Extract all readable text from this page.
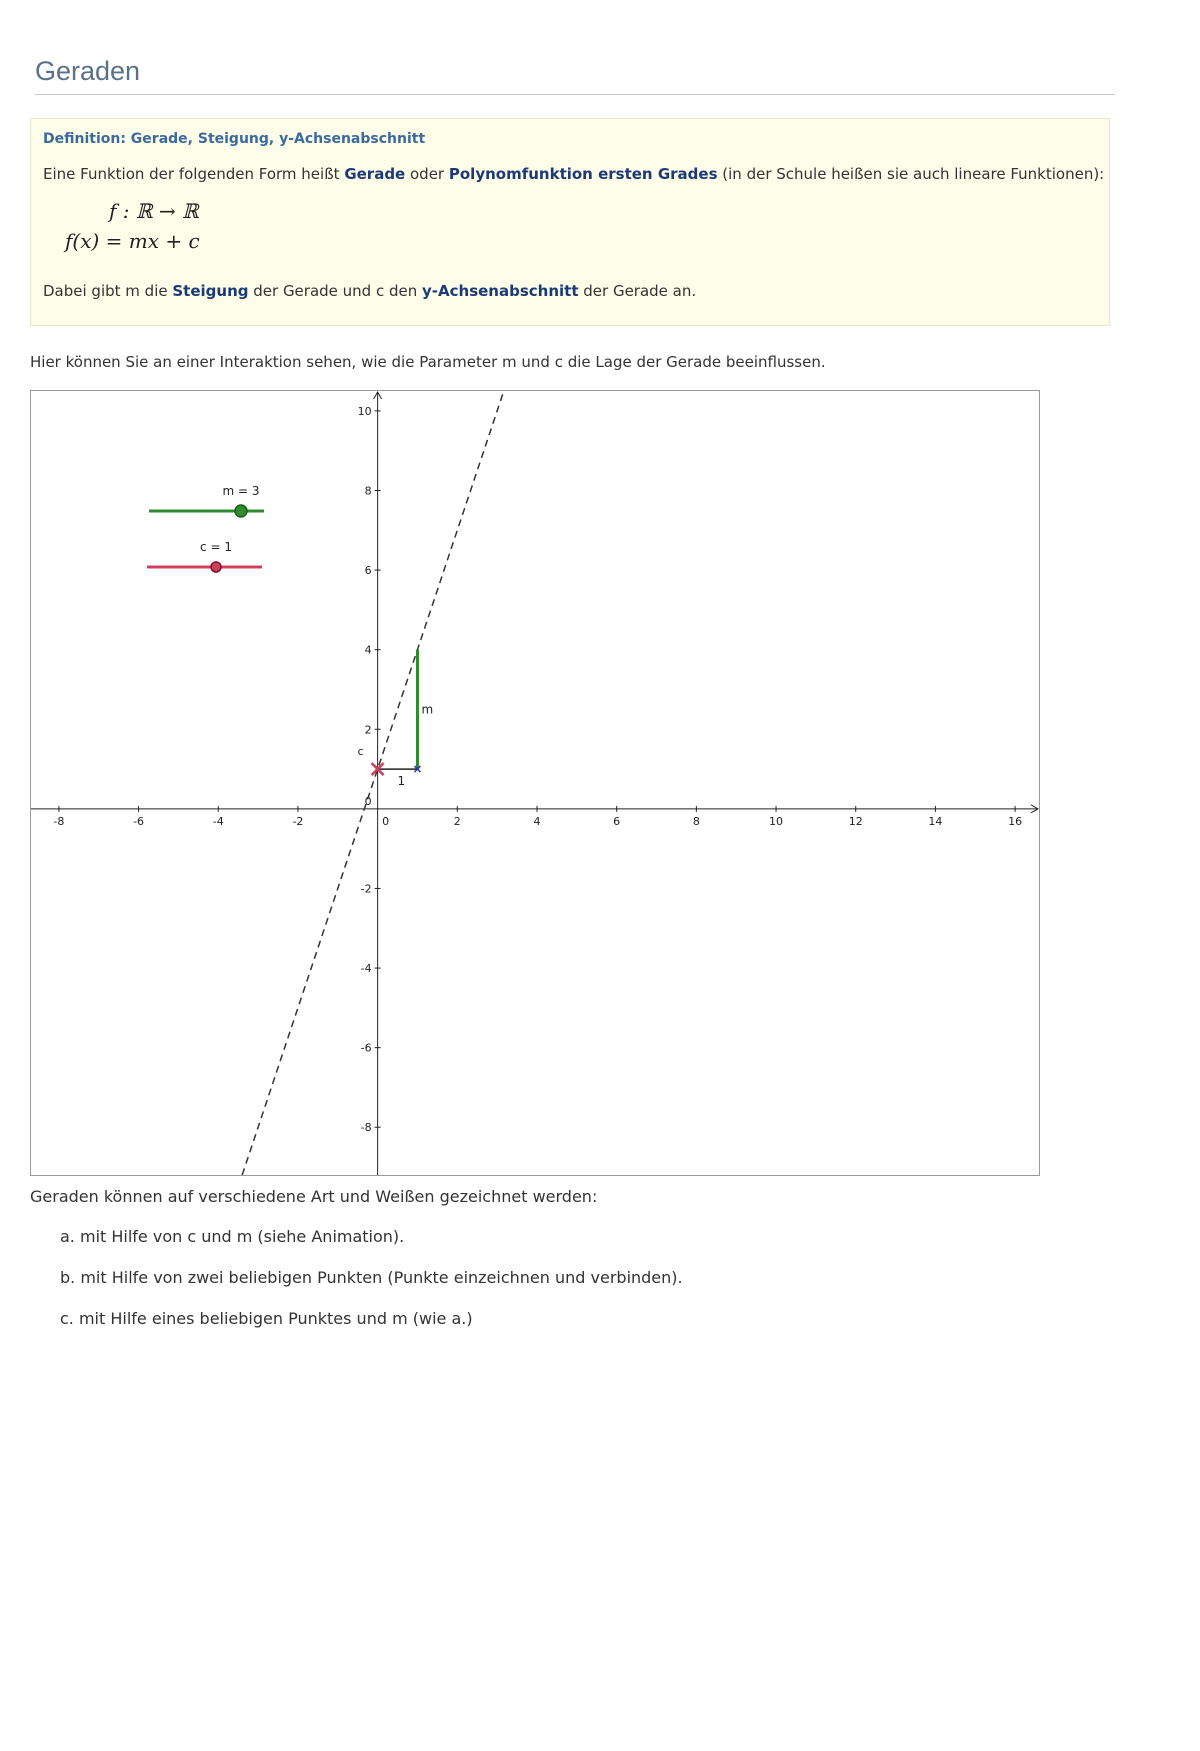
Geraden
Definition: Gerade, Steigung, y-Achsenabschnitt
Eine Funktion der folgenden Form heißt Gerade oder Polynomfunktion ersten Grades (in der Schule heißen sie auch lineare Funktionen):
f : ℝ → ℝ
f(x) = mx + c
Dabei gibt m die Steigung der Gerade und c den y-Achsenabschnitt der Gerade an.
Hier können Sie an einer Interaktion sehen, wie die Parameter m und c die Lage der Gerade beeinflussen.
-8	-6	-4	-2	0	2	4	6	8	10	12	14	16
-8
-6
-4
-2
2
4
6
8
10
m
1
c
0
m = 3
c = 1
Geraden können auf verschiedene Art und Weißen gezeichnet werden:
a. mit Hilfe von c und m (siehe Animation).
b. mit Hilfe von zwei beliebigen Punkten (Punkte einzeichnen und verbinden).
c. mit Hilfe eines beliebigen Punktes und m (wie a.)
